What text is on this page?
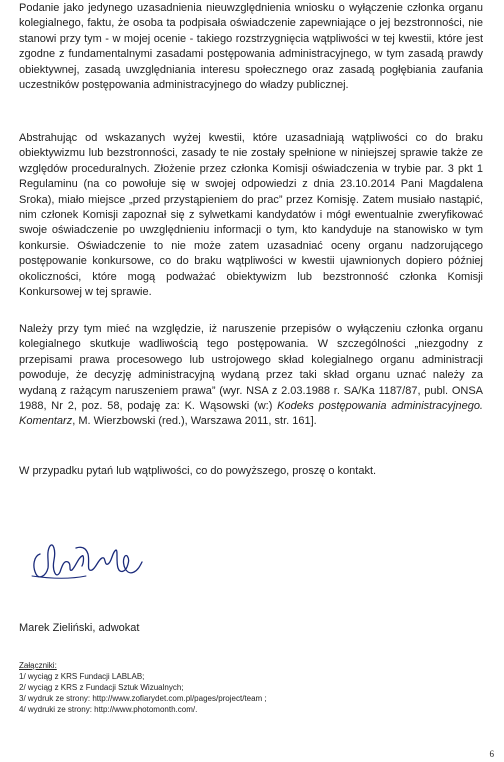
Podanie jako jedynego uzasadnienia nieuwzględnienia wniosku o wyłączenie członka organu kolegialnego, faktu, że osoba ta podpisała oświadczenie zapewniające o jej bezstronności, nie stanowi przy tym - w mojej ocenie - takiego rozstrzygnięcia wątpliwości w tej kwestii, które jest zgodne z fundamentalnymi zasadami postępowania administracyjnego, w tym zasadą prawdy obiektywnej, zasadą uwzględniania interesu społecznego oraz zasadą pogłębiania zaufania uczestników postępowania administracyjnego do władzy publicznej.

Abstrahując od wskazanych wyżej kwestii, które uzasadniają wątpliwości co do braku obiektywizmu lub bezstronności, zasady te nie zostały spełnione w niniejszej sprawie także ze względów proceduralnych. Złożenie przez członka Komisji oświadczenia w trybie par. 3 pkt 1 Regulaminu (na co powołuje się w swojej odpowiedzi z dnia 23.10.2014 Pani Magdalena Sroka), miało miejsce „przed przystąpieniem do prac” przez Komisję. Zatem musiało nastąpić, nim członek Komisji zapoznał się z sylwetkami kandydatów i mógł ewentualnie zweryfikować swoje oświadczenie po uwzględnieniu informacji o tym, kto kandyduje na stanowisko w tym konkursie. Oświadczenie to nie może zatem uzasadniać oceny organu nadzorującego postępowanie konkursowe, co do braku wątpliwości w kwestii ujawnionych dopiero później okoliczności, które mogą podważać obiektywizm lub bezstronność członka Komisji Konkursowej w tej sprawie.

Należy przy tym mieć na względzie, iż naruszenie przepisów o wyłączeniu członka organu kolegialnego skutkuje wadliwością tego postępowania. W szczególności „niezgodny z przepisami prawa procesowego lub ustrojowego skład kolegialnego organu administracji powoduje, że decyzję administracyjną wydaną przez taki skład organu uznać należy za wydaną z rażącym naruszeniem prawa” (wyr. NSA z 2.03.1988 r. SA/Ka 1187/87, publ. ONSA 1988, Nr 2, poz. 58, podaję za: K. Wąsowski (w:) Kodeks postępowania administracyjnego. Komentarz, M. Wierzbowski (red.), Warszawa 2011, str. 161].

W przypadku pytań lub wątpliwości, co do powyższego, proszę o kontakt.

Marek Zieliński, adwokat

Załączniki:
1/ wyciąg z KRS Fundacji LABLAB;
2/ wyciąg z KRS z Fundacji Sztuk Wizualnych;
3/ wydruk ze strony: http://www.zofiarydet.com.pl/pages/project/team ;
4/ wydruki ze strony: http://www.photomonth.com/.
6
